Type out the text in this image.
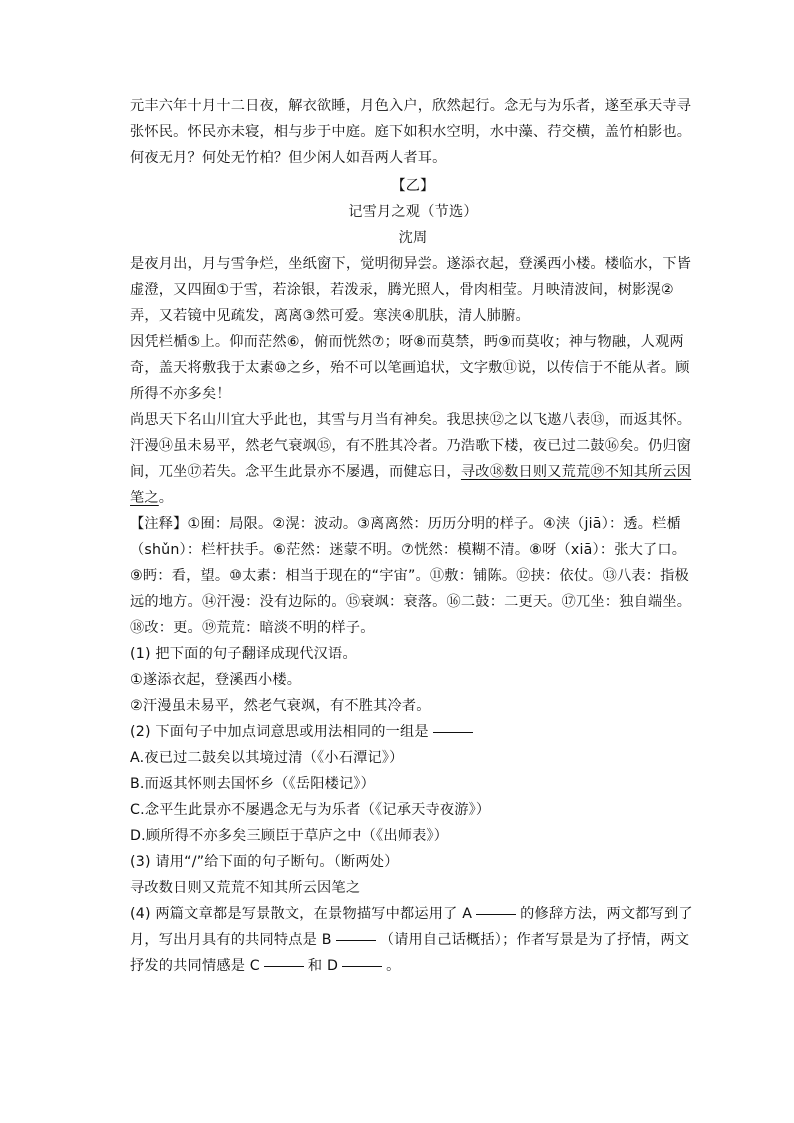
元丰六年十月十二日夜，解衣欲睡，月色入户，欣然起行。念无与为乐者，遂至承天寺寻张怀民。怀民亦未寝，相与步于中庭。庭下如积水空明，水中藻、荇交横，盖竹柏影也。何夜无月？何处无竹柏？但少闲人如吾两人者耳。

【乙】

记雪月之观（节选）

沈周

是夜月出，月与雪争烂，坐纸窗下，觉明彻异尝。遂添衣起，登溪西小楼。楼临水，下皆虚澄，又四囿①于雪，若涂银，若泼汞，腾光照人，骨肉相莹。月映清波间，树影滉②弄，又若镜中见疏发，离离③然可爱。寒浃④肌肤，清人肺腑。

因凭栏楯⑤上。仰而茫然⑥，俯而恍然⑦；呀⑧而莫禁，眄⑨而莫收；神与物融，人观两奇，盖天将敷我于太素⑩之乡，殆不可以笔画追状，文字敷⑪说，以传信于不能从者。顾所得不亦多矣！

尚思天下名山川宜大乎此也，其雪与月当有神矣。我思挟⑫之以飞遨八表⑬，而返其怀。汗漫⑭虽未易平，然老气衰飒⑮，有不胜其冷者。乃浩歌下楼，夜已过二鼓⑯矣。仍归窗间，兀坐⑰若失。念平生此景亦不屡遇，而健忘日，寻改⑱数日则又荒荒⑲不知其所云因笔之。

【注释】①囿：局限。②滉：波动。③离离然：历历分明的样子。④浃（jiā）：透。栏楯（shǔn）：栏杆扶手。⑥茫然：迷蒙不明。⑦恍然：模糊不清。⑧呀（xiā）：张大了口。⑨眄：看，望。⑩太素：相当于现在的“宇宙”。⑪敷：铺陈。⑫挟：依仗。⑬八表：指极远的地方。⑭汗漫：没有边际的。⑮衰飒：衰落。⑯二鼓：二更天。⑰兀坐：独自端坐。⑱改：更。⑲荒荒：暗淡不明的样子。

(1) 把下面的句子翻译成现代汉语。

①遂添衣起，登溪西小楼。

②汗漫虽未易平，然老气衰飒，有不胜其冷者。

(2) 下面句子中加点词意思或用法相同的一组是

A.夜已过二鼓矣以其境过清（《小石潭记》）

B.而返其怀则去国怀乡（《岳阳楼记》）

C.念平生此景亦不屡遇念无与为乐者（《记承天寺夜游》）

D.顾所得不亦多矣三顾臣于草庐之中（《出师表》）

(3) 请用“/”给下面的句子断句。（断两处）

寻改数日则又荒荒不知其所云因笔之

(4) 两篇文章都是写景散文，在景物描写中都运用了 A	的修辞方法，两文都写到了月，写出月具有的共同特点是 B	（请用自己话概括）；作者写景是为了抒情，两文抒发的共同情感是 C	和 D	。
